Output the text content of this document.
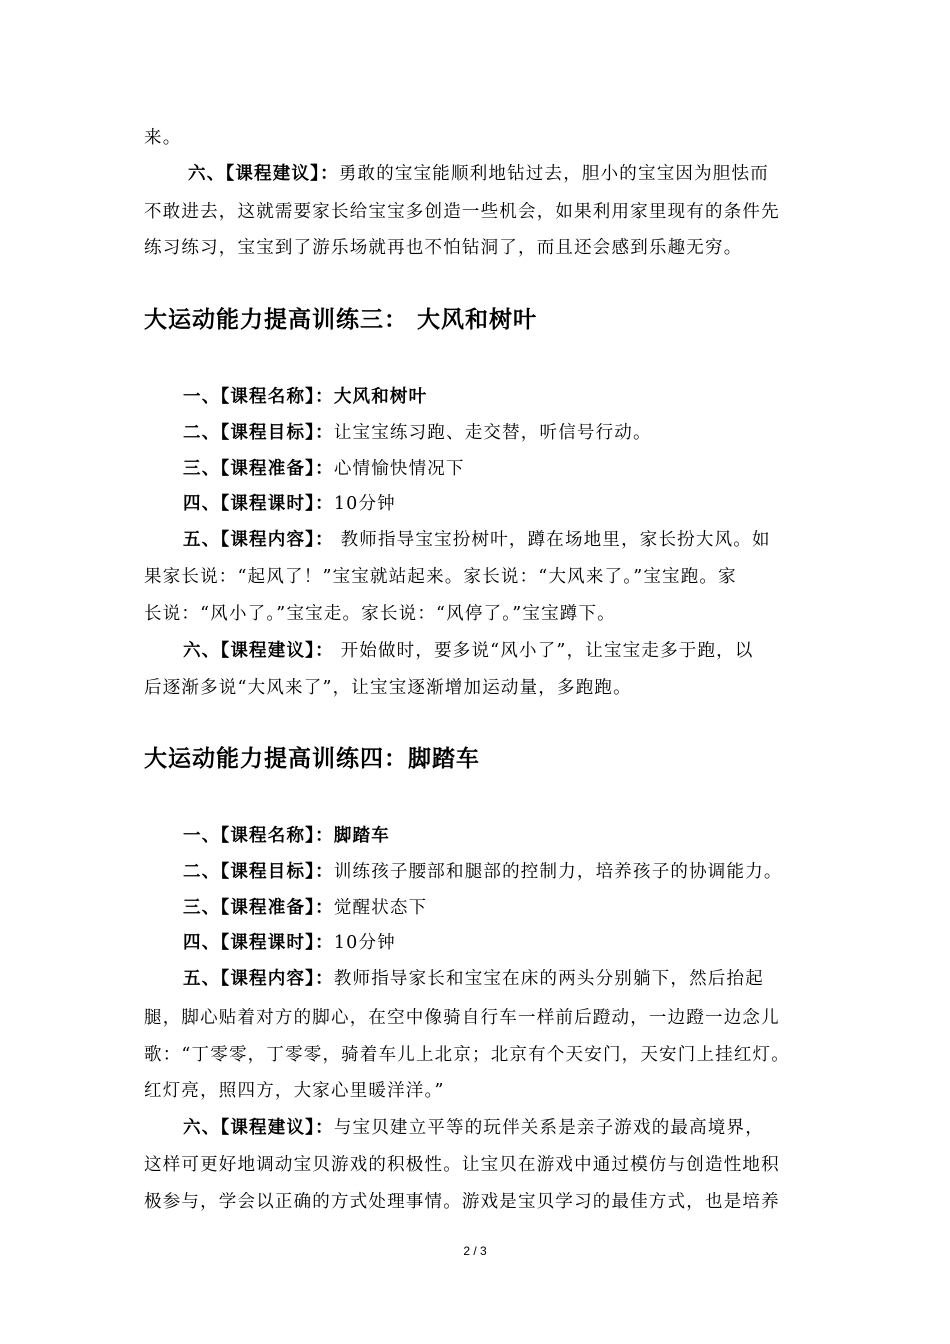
来。
六、【课程建议】：勇敢的宝宝能顺利地钻过去，胆小的宝宝因为胆怯而
不敢进去，这就需要家长给宝宝多创造一些机会，如果利用家里现有的条件先
练习练习，宝宝到了游乐场就再也不怕钻洞了，而且还会感到乐趣无穷。
大运动能力提高训练三： 大风和树叶
一、【课程名称】：大风和树叶
二、【课程目标】：让宝宝练习跑、走交替，听信号行动。
三、【课程准备】：心情愉快情况下
四、【课程课时】：10分钟
五、【课程内容】： 教师指导宝宝扮树叶，蹲在场地里，家长扮大风。如
果家长说：“起风了！”宝宝就站起来。家长说：“大风来了。”宝宝跑。家
长说：“风小了。”宝宝走。家长说：“风停了。”宝宝蹲下。
六、【课程建议】： 开始做时，要多说“风小了”，让宝宝走多于跑，以
后逐渐多说“大风来了”，让宝宝逐渐增加运动量，多跑跑。
大运动能力提高训练四：脚踏车
一、【课程名称】：脚踏车
二、【课程目标】：训练孩子腰部和腿部的控制力，培养孩子的协调能力。
三、【课程准备】：觉醒状态下
四、【课程课时】：10分钟
五、【课程内容】：教师指导家长和宝宝在床的两头分别躺下，然后抬起
腿，脚心贴着对方的脚心，在空中像骑自行车一样前后蹬动，一边蹬一边念儿
歌：“丁零零，丁零零，骑着车儿上北京；北京有个天安门，天安门上挂红灯。
红灯亮，照四方，大家心里暖洋洋。”
六、【课程建议】：与宝贝建立平等的玩伴关系是亲子游戏的最高境界，
这样可更好地调动宝贝游戏的积极性。让宝贝在游戏中通过模仿与创造性地积
极参与，学会以正确的方式处理事情。游戏是宝贝学习的最佳方式，也是培养
2 / 3
